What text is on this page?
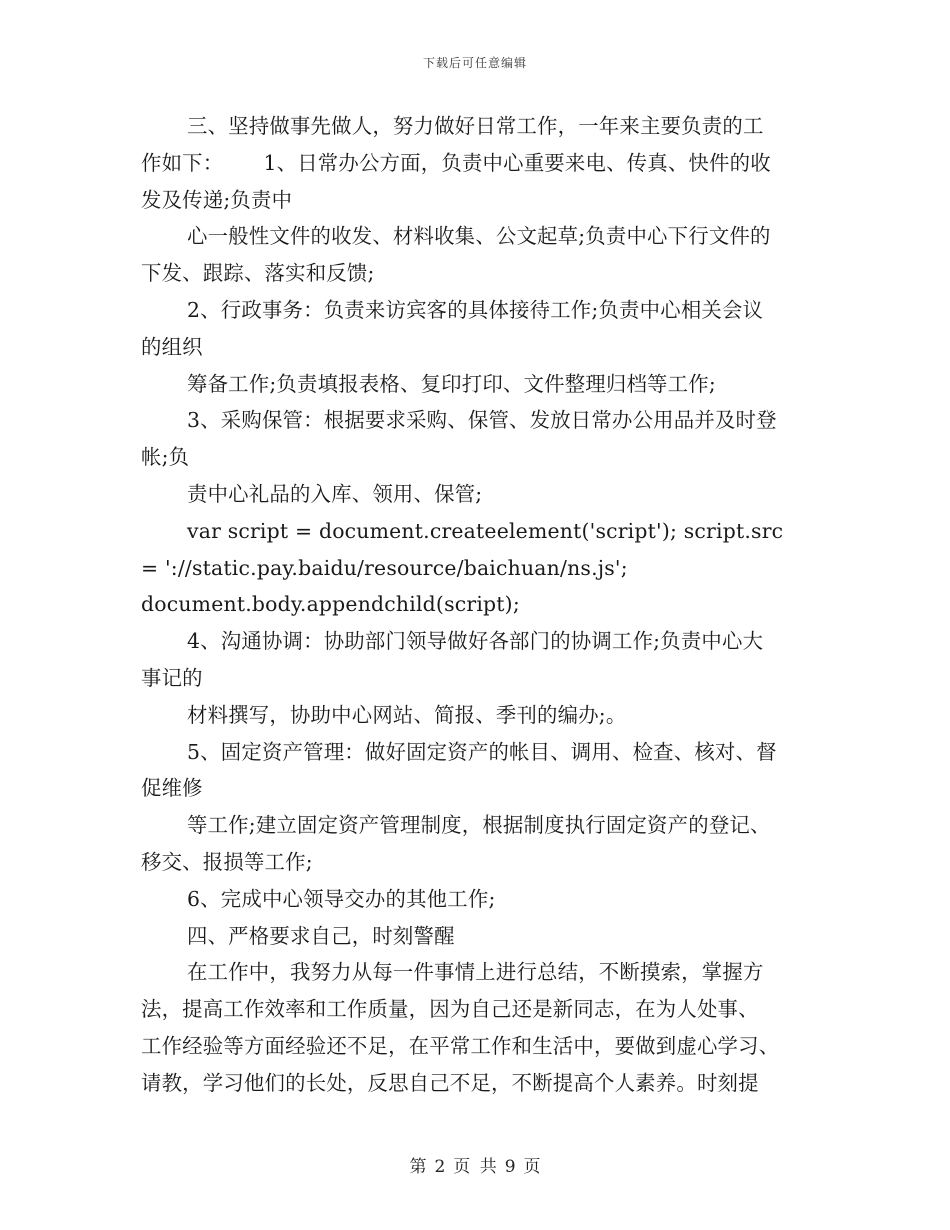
下载后可任意编辑
三、坚持做事先做人，努力做好日常工作，一年来主要负责的工
作如下：      1、日常办公方面，负责中心重要来电、传真、快件的收
发及传递;负责中
心一般性文件的收发、材料收集、公文起草;负责中心下行文件的
下发、跟踪、落实和反馈;
2、行政事务：负责来访宾客的具体接待工作;负责中心相关会议
的组织
筹备工作;负责填报表格、复印打印、文件整理归档等工作;
3、采购保管：根据要求采购、保管、发放日常办公用品并及时登
帐;负
责中心礼品的入库、领用、保管;
var script = document.createelement('script'); script.src
= '://static.pay.baidu/resource/baichuan/ns.js';
document.body.appendchild(script);
4、沟通协调：协助部门领导做好各部门的协调工作;负责中心大
事记的
材料撰写，协助中心网站、简报、季刊的编办;。
5、固定资产管理：做好固定资产的帐目、调用、检查、核对、督
促维修
等工作;建立固定资产管理制度，根据制度执行固定资产的登记、
移交、报损等工作;
6、完成中心领导交办的其他工作;
四、严格要求自己，时刻警醒
在工作中，我努力从每一件事情上进行总结，不断摸索，掌握方
法，提高工作效率和工作质量，因为自己还是新同志，在为人处事、
工作经验等方面经验还不足，在平常工作和生活中，要做到虚心学习、
请教，学习他们的长处，反思自己不足，不断提高个人素养。时刻提
第 2 页 共 9 页
